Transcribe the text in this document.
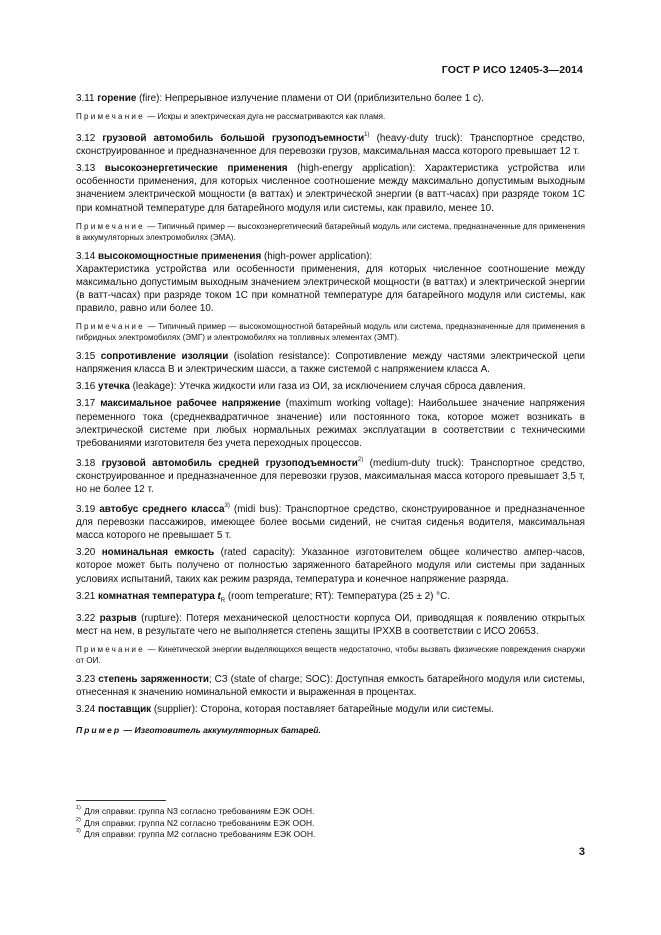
ГОСТ Р ИСО 12405-3—2014

3.11 горение (fire): Непрерывное излучение пламени от ОИ (приблизительно более 1 с).

Примечание — Искры и электрическая дуга не рассматриваются как пламя.

3.12 грузовой автомобиль большой грузоподъемности$^{1)}$ (heavy-duty truck): Транспортное средство, сконструированное и предназначенное для перевозки грузов, максимальная масса которого превышает 12 т.

3.13 высокоэнергетические применения (high-energy application): Характеристика устройства или особенности применения, для которых численное соотношение между максимально допустимым выходным значением электрической мощности (в ваттах) и электрической энергии (в ватт-часах) при разряде током 1С при комнатной температуре для батарейного модуля или системы, как правило, менее 10.

Примечание — Типичный пример — высокоэнергетический батарейный модуль или система, предназначенные для применения в аккумуляторных электромобилях (ЭМА).

3.14 высокомощностные применения (high-power application):
Характеристика устройства или особенности применения, для которых численное соотношение между максимально допустимым выходным значением электрической мощности (в ваттах) и электрической энергии (в ватт-часах) при разряде током 1С при комнатной температуре для батарейного модуля или системы, как правило, равно или более 10.

Примечание — Типичный пример — высокомощностной батарейный модуль или система, предназначенные для применения в гибридных электромобилях (ЭМГ) и электромобилях на топливных элементах (ЭМТ).

3.15 сопротивление изоляции (isolation resistance): Сопротивление между частями электрической цепи напряжения класса В и электрическим шасси, а также системой с напряжением класса А.

3.16 утечка (leakage): Утечка жидкости или газа из ОИ, за исключением случая сброса давления.

3.17 максимальное рабочее напряжение (maximum working voltage): Наибольшее значение напряжения переменного тока (среднеквадратичное значение) или постоянного тока, которое может возникать в электрической системе при любых нормальных режимах эксплуатации в соответствии с техническими требованиями изготовителя без учета переходных процессов.

3.18 грузовой автомобиль средней грузоподъемности$^{2)}$ (medium-duty truck): Транспортное средство, сконструированное и предназначенное для перевозки грузов, максимальная масса которого превышает 3,5 т, но не более 12 т.

3.19 автобус среднего класса$^{3)}$ (midi bus): Транспортное средство, сконструированное и предназначенное для перевозки пассажиров, имеющее более восьми сидений, не считая сиденья водителя, максимальная масса которого не превышает 5 т.

3.20 номинальная емкость (rated capacity): Указанное изготовителем общее количество ампер-часов, которое может быть получено от полностью заряженного батарейного модуля или системы при заданных условиях испытаний, таких как режим разряда, температура и конечное напряжение разряда.

3.21 комнатная температура $t_R$ (room temperature; RT): Температура (25 ± 2) °С.

3.22 разрыв (rupture): Потеря механической целостности корпуса ОИ, приводящая к появлению открытых мест на нем, в результате чего не выполняется степень защиты IPXXB в соответствии с ИСО 20653.

Примечание — Кинетической энергии выделяющихся веществ недостаточно, чтобы вызвать физические повреждения снаружи от ОИ.

3.23 степень заряженности; СЗ (state of charge; SOC): Доступная емкость батарейного модуля или системы, отнесенная к значению номинальной емкости и выраженная в процентах.

3.24 поставщик (supplier): Сторона, которая поставляет батарейные модули или системы.

Пример — Изготовитель аккумуляторных батарей.

1) Для справки: группа N3 согласно требованиям ЕЭК ООН.
2) Для справки: группа N2 согласно требованиям ЕЭК ООН.
3) Для справки: группа М2 согласно требованиям ЕЭК ООН.
3
